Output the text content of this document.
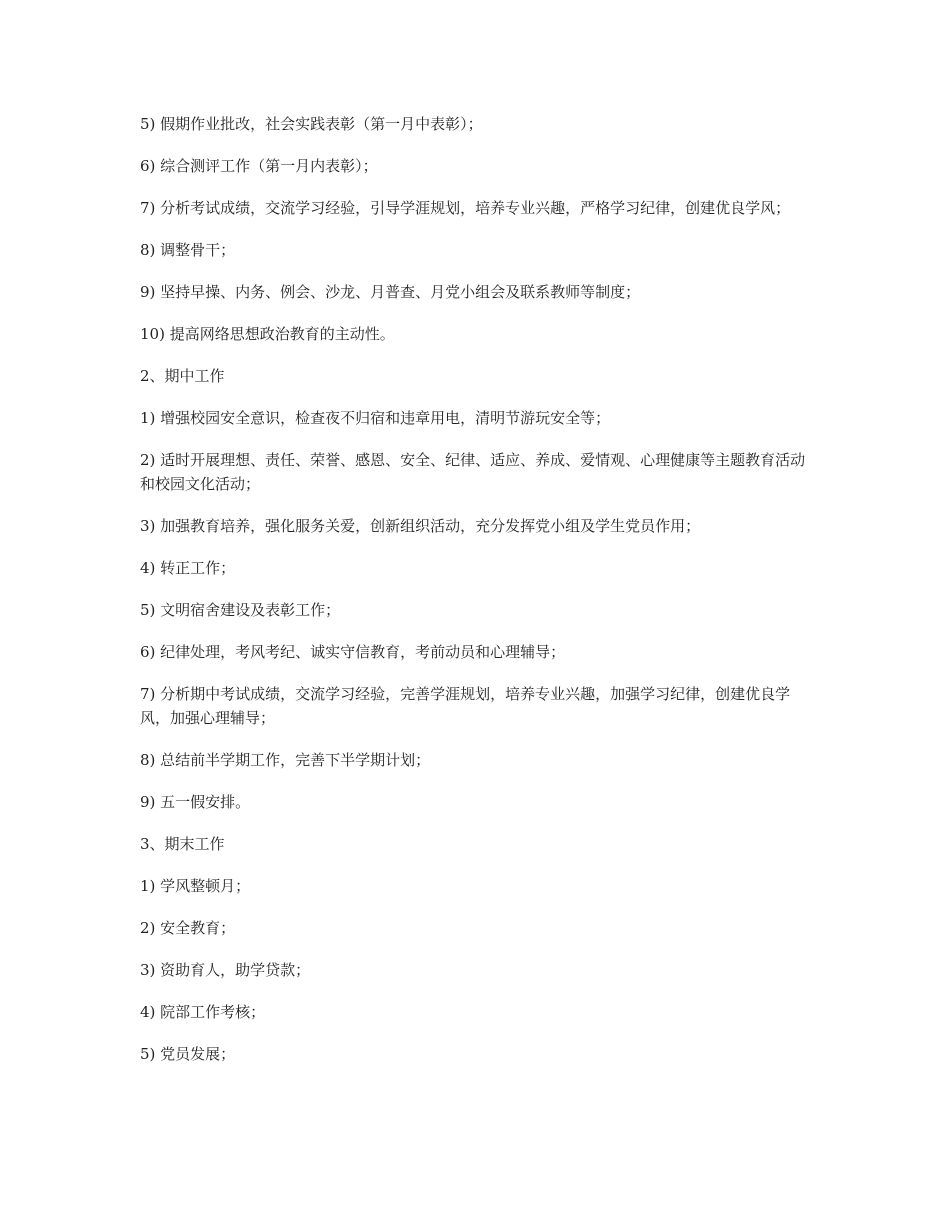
5) 假期作业批改，社会实践表彰（第一月中表彰）；

6) 综合测评工作（第一月内表彰）；

7) 分析考试成绩，交流学习经验，引导学涯规划，培养专业兴趣，严格学习纪律，创建优良学风；

8) 调整骨干；

9) 坚持早操、内务、例会、沙龙、月普查、月党小组会及联系教师等制度；

10) 提高网络思想政治教育的主动性。

2、期中工作

1) 增强校园安全意识，检查夜不归宿和违章用电，清明节游玩安全等；

2) 适时开展理想、责任、荣誉、感恩、安全、纪律、适应、养成、爱情观、心理健康等主题教育活动和校园文化活动；

3) 加强教育培养，强化服务关爱，创新组织活动，充分发挥党小组及学生党员作用；

4) 转正工作；

5) 文明宿舍建设及表彰工作；

6) 纪律处理，考风考纪、诚实守信教育，考前动员和心理辅导；

7) 分析期中考试成绩，交流学习经验，完善学涯规划，培养专业兴趣，加强学习纪律，创建优良学风，加强心理辅导；

8) 总结前半学期工作，完善下半学期计划；

9) 五一假安排。

3、期末工作

1) 学风整顿月；

2) 安全教育；

3) 资助育人，助学贷款；

4) 院部工作考核；

5) 党员发展；
